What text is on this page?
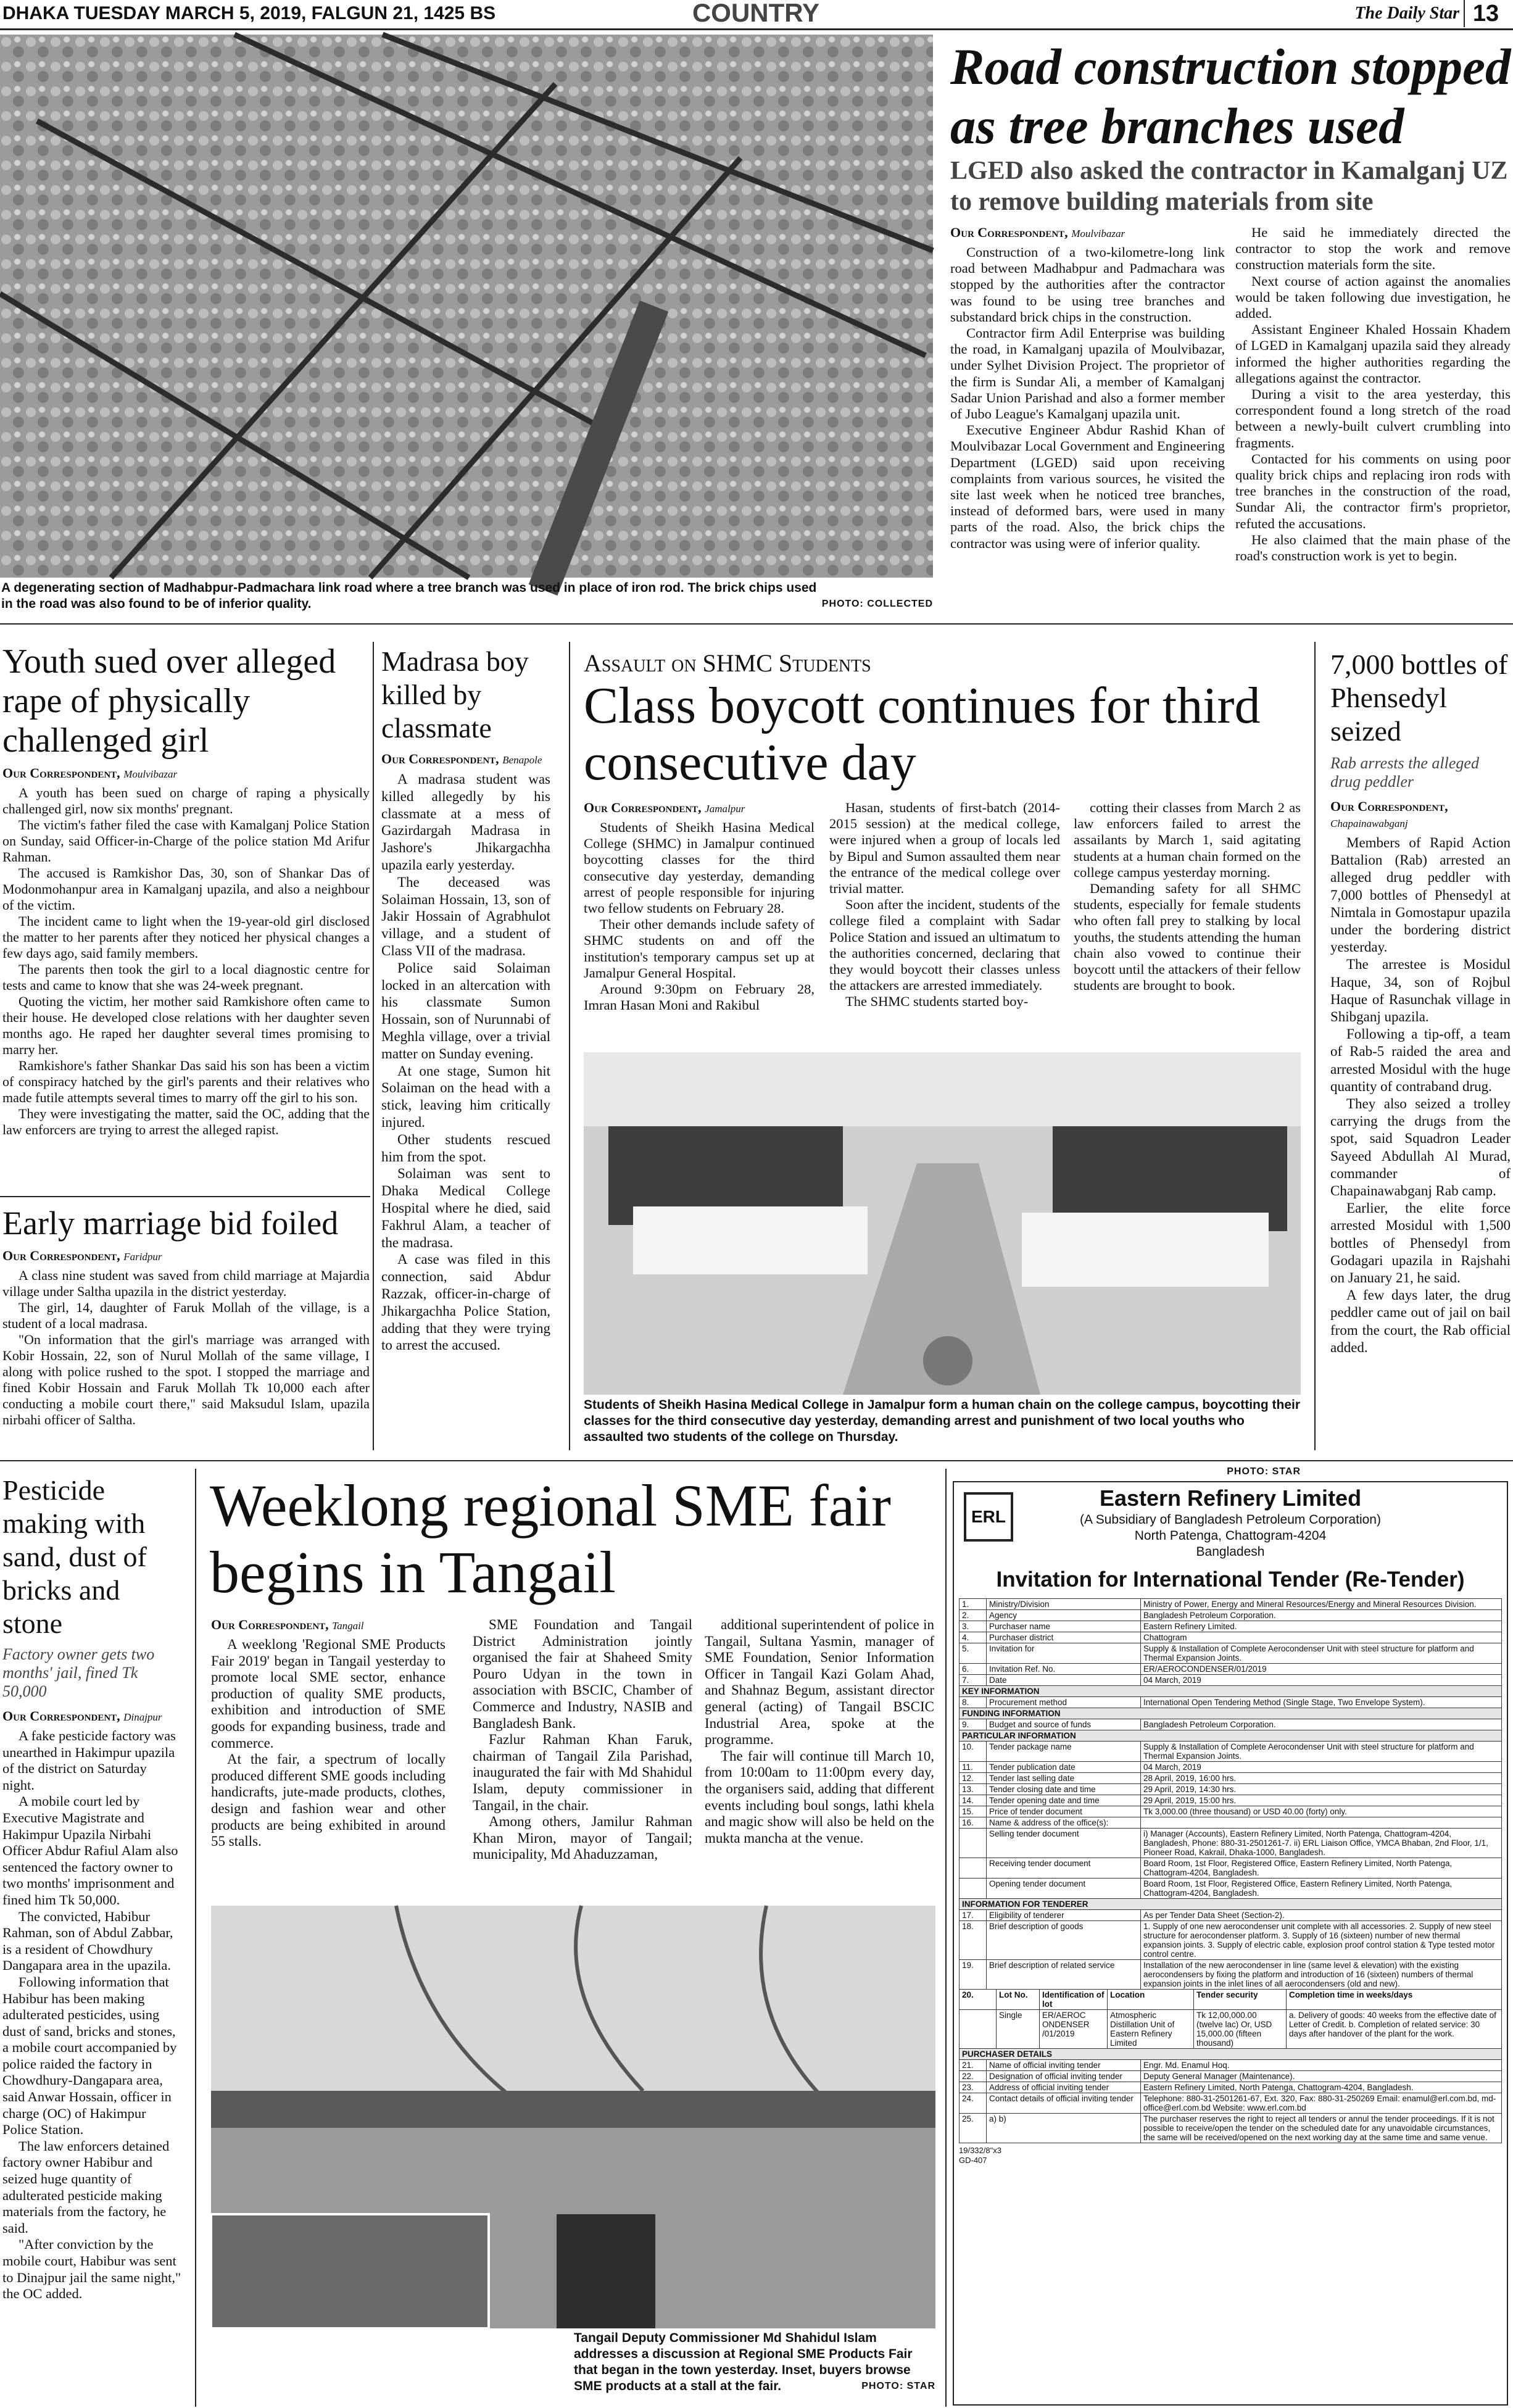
DHAKA TUESDAY MARCH 5, 2019, FALGUN 21, 1425 BS	COUNTRY	The Daily Star 13
PHOTO: COLLECTED
A degenerating section of Madhabpur-Padmachara link road where a tree branch was used in place of iron rod. The brick chips used in the road was also found to be of inferior quality.
Road construction stopped as tree branches used
LGED also asked the contractor in Kamalganj UZ to remove building materials from site
Our Correspondent, Moulvibazar

Construction of a two-kilometre-long link road between Madhabpur and Padmachara was stopped by the authorities after the contractor was found to be using tree branches and substandard brick chips in the construction.

Contractor firm Adil Enterprise was building the road, in Kamalganj upazila of Moulvibazar, under Sylhet Division Project. The proprietor of the firm is Sundar Ali, a member of Kamalganj Sadar Union Parishad and also a former member of Jubo League's Kamalganj upazila unit.

Executive Engineer Abdur Rashid Khan of Moulvibazar Local Government and Engineering Department (LGED) said upon receiving complaints from various sources, he visited the site last week when he noticed tree branches, instead of deformed bars, were used in many parts of the road. Also, the brick chips the contractor was using were of inferior quality.

He said he immediately directed the contractor to stop the work and remove construction materials form the site.

Next course of action against the anomalies would be taken following due investigation, he added.

Assistant Engineer Khaled Hossain Khadem of LGED in Kamalganj upazila said they already informed the higher authorities regarding the allegations against the contractor.

During a visit to the area yesterday, this correspondent found a long stretch of the road between a newly-built culvert crumbling into fragments.

Contacted for his comments on using poor quality brick chips and replacing iron rods with tree branches in the construction of the road, Sundar Ali, the contractor firm's proprietor, refuted the accusations.

He also claimed that the main phase of the road's construction work is yet to begin.

Youth sued over alleged rape of physically challenged girl
Our Correspondent, Moulvibazar

A youth has been sued on charge of raping a physically challenged girl, now six months' pregnant.

The victim's father filed the case with Kamalganj Police Station on Sunday, said Officer-in-Charge of the police station Md Arifur Rahman.

The accused is Ramkishor Das, 30, son of Shankar Das of Modonmohanpur area in Kamalganj upazila, and also a neighbour of the victim.

The incident came to light when the 19-year-old girl disclosed the matter to her parents after they noticed her physical changes a few days ago, said family members.

The parents then took the girl to a local diagnostic centre for tests and came to know that she was 24-week pregnant.

Quoting the victim, her mother said Ramkishore often came to their house. He developed close relations with her daughter seven months ago. He raped her daughter several times promising to marry her.

Ramkishore's father Shankar Das said his son has been a victim of conspiracy hatched by the girl's parents and their relatives who made futile attempts several times to marry off the girl to his son.

They were investigating the matter, said the OC, adding that the law enforcers are trying to arrest the alleged rapist.

Early marriage bid foiled
Our Correspondent, Faridpur

A class nine student was saved from child marriage at Majardia village under Saltha upazila in the district yesterday.

The girl, 14, daughter of Faruk Mollah of the village, is a student of a local madrasa.

"On information that the girl's marriage was arranged with Kobir Hossain, 22, son of Nurul Mollah of the same village, I along with police rushed to the spot. I stopped the marriage and fined Kobir Hossain and Faruk Mollah Tk 10,000 each after conducting a mobile court there," said Maksudul Islam, upazila nirbahi officer of Saltha.

Madrasa boy killed by classmate
Our Correspondent, Benapole

A madrasa student was killed allegedly by his classmate at a mess of Gazirdargah Madrasa in Jashore's Jhikargachha upazila early yesterday.

The deceased was Solaiman Hossain, 13, son of Jakir Hossain of Agrabhulot village, and a student of Class VII of the madrasa.

Police said Solaiman locked in an altercation with his classmate Sumon Hossain, son of Nurunnabi of Meghla village, over a trivial matter on Sunday evening.

At one stage, Sumon hit Solaiman on the head with a stick, leaving him critically injured.

Other students rescued him from the spot.

Solaiman was sent to Dhaka Medical College Hospital where he died, said Fakhrul Alam, a teacher of the madrasa.

A case was filed in this connection, said Abdur Razzak, officer-in-charge of Jhikargachha Police Station, adding that they were trying to arrest the accused.

Assault on SHMC Students
Class boycott continues for third consecutive day
Our Correspondent, Jamalpur

Students of Sheikh Hasina Medical College (SHMC) in Jamalpur continued boycotting classes for the third consecutive day yesterday, demanding arrest of people responsible for injuring two fellow students on February 28.

Their other demands include safety of SHMC students on and off the institution's temporary campus set up at Jamalpur General Hospital.

Around 9:30pm on February 28, Imran Hasan Moni and Rakibul

Hasan, students of first-batch (2014-2015 session) at the medical college, were injured when a group of locals led by Bipul and Sumon assaulted them near the entrance of the medical college over trivial matter.

Soon after the incident, students of the college filed a complaint with Sadar Police Station and issued an ultimatum to the authorities concerned, declaring that they would boycott their classes unless the attackers are arrested immediately.

The SHMC students started boy-

cotting their classes from March 2 as law enforcers failed to arrest the assailants by March 1, said agitating students at a human chain formed on the college campus yesterday morning.

Demanding safety for all SHMC students, especially for female students who often fall prey to stalking by local youths, the students attending the human chain also vowed to continue their boycott until the attackers of their fellow students are brought to book.

Students of Sheikh Hasina Medical College in Jamalpur form a human chain on the college campus, boycotting their classes for the third consecutive day yesterday, demanding arrest and punishment of two local youths who assaulted two students of the college on Thursday.
PHOTO: STAR
7,000 bottles of Phensedyl seized
Rab arrests the alleged drug peddler
Our Correspondent, Chapainawabganj

Members of Rapid Action Battalion (Rab) arrested an alleged drug peddler with 7,000 bottles of Phensedyl at Nimtala in Gomostapur upazila under the bordering district yesterday.

The arrestee is Mosidul Haque, 34, son of Rojbul Haque of Rasunchak village in Shibganj upazila.

Following a tip-off, a team of Rab-5 raided the area and arrested Mosidul with the huge quantity of contraband drug.

They also seized a trolley carrying the drugs from the spot, said Squadron Leader Sayeed Abdullah Al Murad, commander of Chapainawabganj Rab camp.

Earlier, the elite force arrested Mosidul with 1,500 bottles of Phensedyl from Godagari upazila in Rajshahi on January 21, he said.

A few days later, the drug peddler came out of jail on bail from the court, the Rab official added.

Pesticide making with sand, dust of bricks and stone
Factory owner gets two months' jail, fined Tk 50,000
Our Correspondent, Dinajpur

A fake pesticide factory was unearthed in Hakimpur upazila of the district on Saturday night.

A mobile court led by Executive Magistrate and Hakimpur Upazila Nirbahi Officer Abdur Rafiul Alam also sentenced the factory owner to two months' imprisonment and fined him Tk 50,000.

The convicted, Habibur Rahman, son of Abdul Zabbar, is a resident of Chowdhury Dangapara area in the upazila.

Following information that Habibur has been making adulterated pesticides, using dust of sand, bricks and stones, a mobile court accompanied by police raided the factory in Chowdhury-Dangapara area, said Anwar Hossain, officer in charge (OC) of Hakimpur Police Station.

The law enforcers detained factory owner Habibur and seized huge quantity of adulterated pesticide making materials from the factory, he said.

"After conviction by the mobile court, Habibur was sent to Dinajpur jail the same night," the OC added.

Weeklong regional SME fair begins in Tangail
Our Correspondent, Tangail

A weeklong 'Regional SME Products Fair 2019' began in Tangail yesterday to promote local SME sector, enhance production of quality SME products, exhibition and introduction of SME goods for expanding business, trade and commerce.

At the fair, a spectrum of locally produced different SME goods including handicrafts, jute-made products, clothes, design and fashion wear and other products are being exhibited in around 55 stalls.

SME Foundation and Tangail District Administration jointly organised the fair at Shaheed Smity Pouro Udyan in the town in association with BSCIC, Chamber of Commerce and Industry, NASIB and Bangladesh Bank.

Fazlur Rahman Khan Faruk, chairman of Tangail Zila Parishad, inaugurated the fair with Md Shahidul Islam, deputy commissioner in Tangail, in the chair.

Among others, Jamilur Rahman Khan Miron, mayor of Tangail; municipality, Md Ahaduzzaman,

additional superintendent of police in Tangail, Sultana Yasmin, manager of SME Foundation, Senior Information Officer in Tangail Kazi Golam Ahad, and Shahnaz Begum, assistant director general (acting) of Tangail BSCIC Industrial Area, spoke at the programme.

The fair will continue till March 10, from 10:00am to 11:00pm every day, the organisers said, adding that different events including boul songs, lathi khela and magic show will also be held on the mukta mancha at the venue.

Tangail Deputy Commissioner Md Shahidul Islam addresses a discussion at Regional SME Products Fair that began in the town yesterday. Inset, buyers browse SME products at a stall at the fair.	PHOTO: STAR
ERL
Eastern Refinery Limited
(A Subsidiary of Bangladesh Petroleum Corporation)
North Patenga, Chattogram-4204
Bangladesh
Invitation for International Tender (Re-Tender)
1.	Ministry/Division	Ministry of Power, Energy and Mineral Resources/Energy and Mineral Resources Division.
2.	Agency	Bangladesh Petroleum Corporation.
3.	Purchaser name	Eastern Refinery Limited.
4.	Purchaser district	Chattogram
5.	Invitation for	Supply & Installation of Complete Aerocondenser Unit with steel structure for platform and Thermal Expansion Joints.
6.	Invitation Ref. No.	ER/AEROCONDENSER/01/2019
7.	Date	04 March, 2019
KEY INFORMATION		
8.	Procurement method	International Open Tendering Method (Single Stage, Two Envelope System).
FUNDING INFORMATION		
9.	Budget and source of funds	Bangladesh Petroleum Corporation.
PARTICULAR INFORMATION		
10.	Tender package name	Supply & Installation of Complete Aerocondenser Unit with steel structure for platform and Thermal Expansion Joints.
11.	Tender publication date	04 March, 2019
12.	Tender last selling date	28 April, 2019, 16:00 hrs.
13.	Tender closing date and time	29 April, 2019, 14:30 hrs.
14.	Tender opening date and time	29 April, 2019, 15:00 hrs.
15.	Price of tender document	Tk 3,000.00 (three thousand) or USD 40.00 (forty) only.
16.	Name & address of the office(s):	
	Selling tender document	i) Manager (Accounts), Eastern Refinery Limited, North Patenga, Chattogram-4204, Bangladesh, Phone: 880-31-2501261-7. ii) ERL Liaison Office, YMCA Bhaban, 2nd Floor, 1/1, Pioneer Road, Kakrail, Dhaka-1000, Bangladesh.
	Receiving tender document	Board Room, 1st Floor, Registered Office, Eastern Refinery Limited, North Patenga, Chattogram-4204, Bangladesh.
	Opening tender document	Board Room, 1st Floor, Registered Office, Eastern Refinery Limited, North Patenga, Chattogram-4204, Bangladesh.
INFORMATION FOR TENDERER		
17.	Eligibility of tenderer	As per Tender Data Sheet (Section-2).
18.	Brief description of goods	1. Supply of one new aerocondenser unit complete with all accessories. 2. Supply of new steel structure for aerocondenser platform. 3. Supply of 16 (sixteen) number of new thermal expansion joints. 3. Supply of electric cable, explosion proof control station & Type tested motor control centre.
19.	Brief description of related service	Installation of the new aerocondenser in line (same level & elevation) with the existing aerocondensers by fixing the platform and introduction of 16 (sixteen) numbers of thermal expansion joints in the inlet lines of all aerocondensers (old and new).
20.	Lot No.	Identification of lot	Location	Tender security	Completion time in weeks/days
	Single	ER/AEROC ONDENSER /01/2019	Atmospheric Distillation Unit of Eastern Refinery Limited	Tk 12,00,000.00 (twelve lac) Or, USD 15,000.00 (fifteen thousand)	a. Delivery of goods: 40 weeks from the effective date of Letter of Credit. b. Completion of related service: 30 days after handover of the plant for the work.
PURCHASER DETAILS		
21.	Name of official inviting tender	Engr. Md. Enamul Hoq.
22.	Designation of official inviting tender	Deputy General Manager (Maintenance).
23.	Address of official inviting tender	Eastern Refinery Limited, North Patenga, Chattogram-4204, Bangladesh.
24.	Contact details of official inviting tender	Telephone: 880-31-2501261-67, Ext. 320, Fax: 880-31-250269 Email: enamul@erl.com.bd, md-office@erl.com.bd Website: www.erl.com.bd
25.	a) b)	The purchaser reserves the right to reject all tenders or annul the tender proceedings. If it is not possible to receive/open the tender on the scheduled date for any unavoidable circumstances, the same will be received/opened on the next working day at the same time and same venue.
19/332/8"x3
GD-407
